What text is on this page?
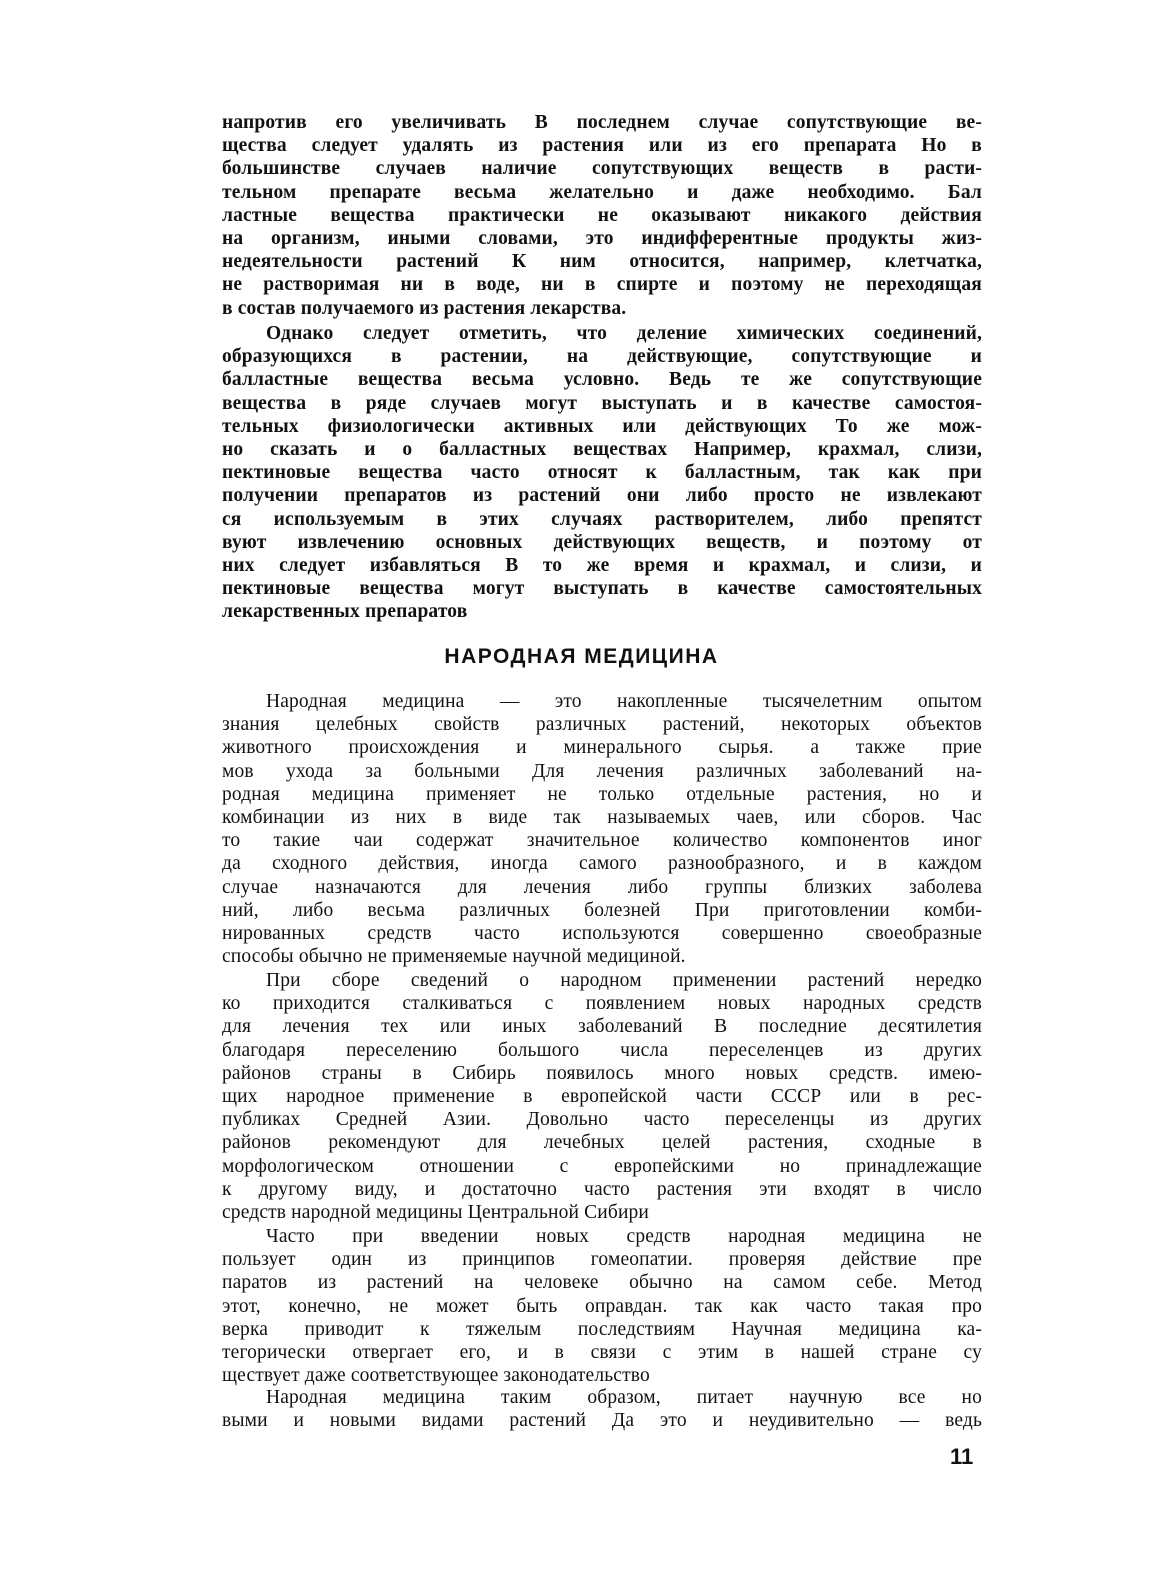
напротив его увеличивать В последнем случае сопутствующие ве-
щества следует удалять из растения или из его препарата Но в
большинстве случаев наличие сопутствующих веществ в расти-
тельном препарате весьма желательно и даже необходимо. Бал
ластные вещества практически не оказывают никакого действия
на организм, иными словами, это индифферентные продукты жиз-
недеятельности растений К ним относится, например, клетчатка,
не растворимая ни в воде, ни в спирте и поэтому не переходящая
в состав получаемого из растения лекарства.
Однако следует отметить, что деление химических соединений,
образующихся в растении, на действующие, сопутствующие и
балластные вещества весьма условно. Ведь те же сопутствующие
вещества в ряде случаев могут выступать и в качестве самостоя-
тельных физиологически активных или действующих То же мож-
но сказать и о балластных веществах Например, крахмал, слизи,
пектиновые вещества часто относят к балластным, так как при
получении препаратов из растений они либо просто не извлекают
ся используемым в этих случаях растворителем, либо препятст
вуют извлечению основных действующих веществ, и поэтому от
них следует избавляться В то же время и крахмал, и слизи, и
пектиновые вещества могут выступать в качестве самостоятельных
лекарственных препаратов
НАРОДНАЯ МЕДИЦИНА
Народная медицина — это накопленные тысячелетним опытом
знания целебных свойств различных растений, некоторых объектов
животного происхождения и минерального сырья. а также прие
мов ухода за больными Для лечения различных заболеваний на-
родная медицина применяет не только отдельные растения, но и
комбинации из них в виде так называемых чаев, или сборов. Час
то такие чаи содержат значительное количество компонентов иног
да сходного действия, иногда самого разнообразного, и в каждом
случае назначаются для лечения либо группы близких заболева
ний, либо весьма различных болезней При приготовлении комби-
нированных средств часто используются совершенно своеобразные
способы обычно не применяемые научной медициной.
При сборе сведений о народном применении растений нередко
ко приходится сталкиваться с появлением новых народных средств
для лечения тех или иных заболеваний В последние десятилетия
благодаря переселению большого числа переселенцев из других
районов страны в Сибирь появилось много новых средств. имею-
щих народное применение в европейской части СССР или в рес-
публиках Средней Азии. Довольно часто переселенцы из других
районов рекомендуют для лечебных целей растения, сходные в
морфологическом отношении с европейскими но принадлежащие
к другому виду, и достаточно часто растения эти входят в число
средств народной медицины Центральной Сибири
Часто при введении новых средств народная медицина не
пользует один из принципов гомеопатии. проверяя действие пре
паратов из растений на человеке обычно на самом себе. Метод
этот, конечно, не может быть оправдан. так как часто такая про
верка приводит к тяжелым последствиям Научная медицина ка-
тегорически отвергает его, и в связи с этим в нашей стране су
ществует даже соответствующее законодательство
Народная медицина таким образом, питает научную все но
выми и новыми видами растений Да это и неудивительно — ведь
11
